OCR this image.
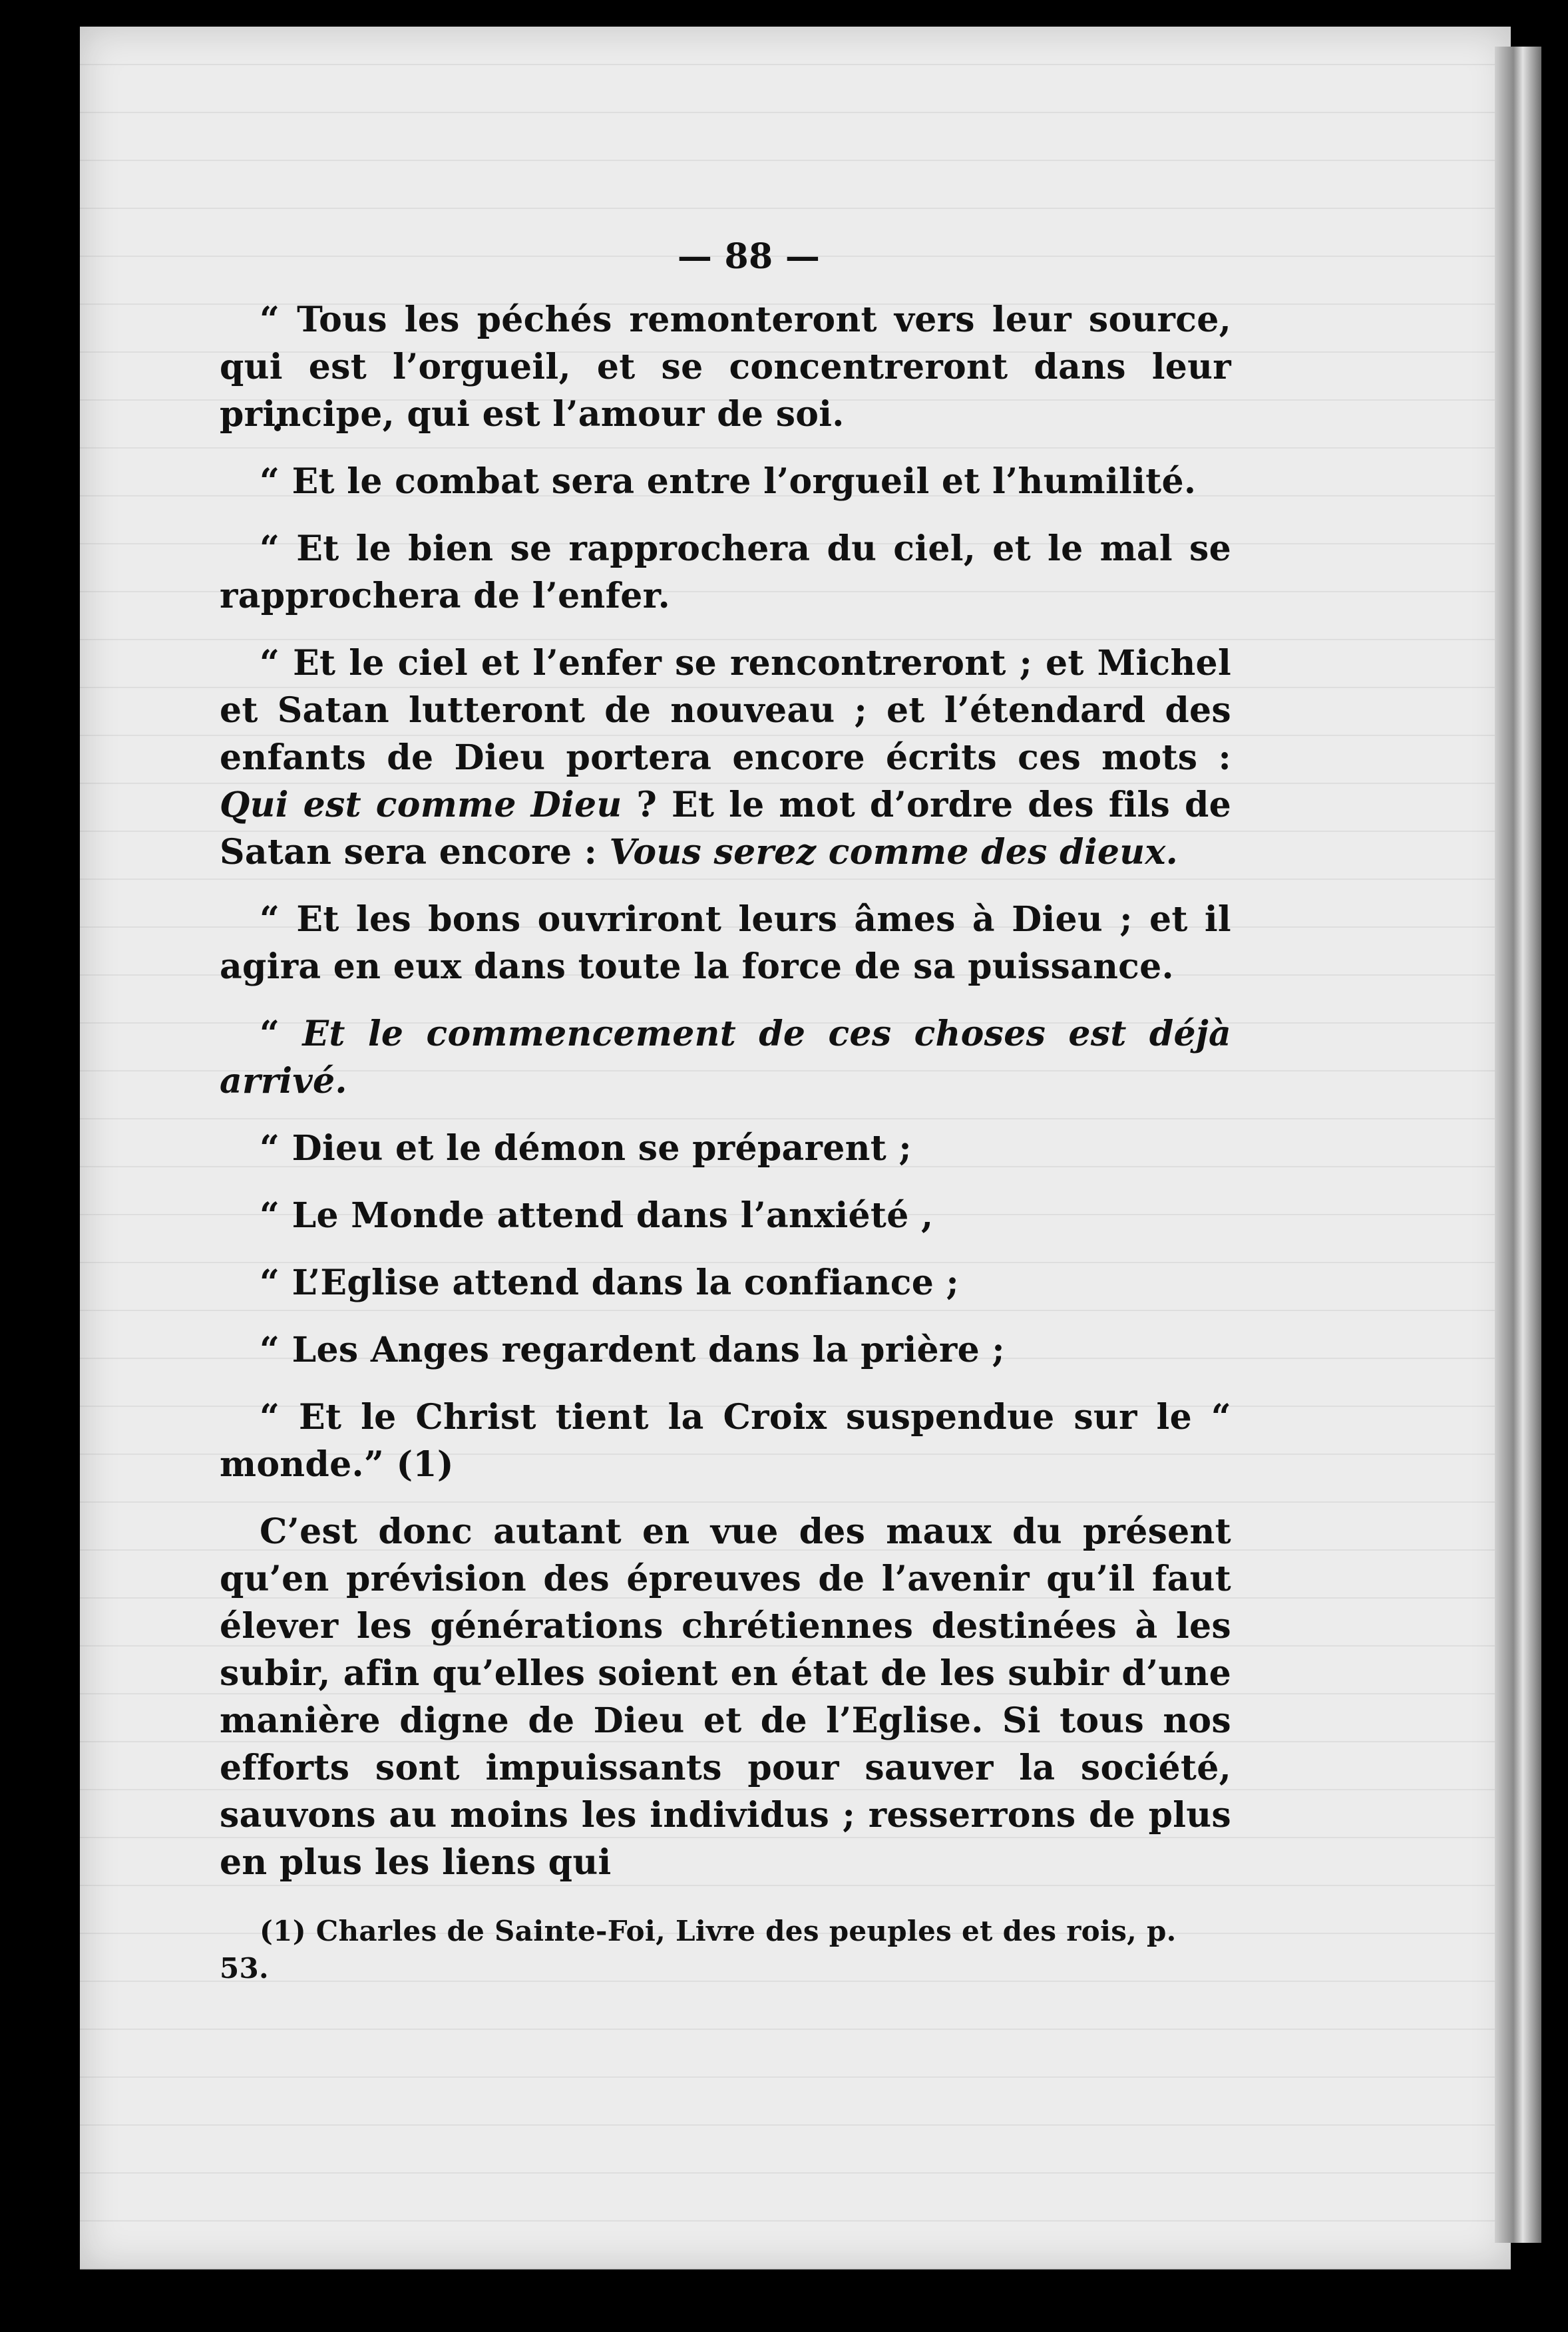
— 88 —

“ Tous les péchés remonteront vers leur source, qui est l’orgueil, et se concentreront dans leur principe, qui est l’amour de soi.

“ Et le combat sera entre l’orgueil et l’humilité.

“ Et le bien se rapprochera du ciel, et le mal se rapprochera de l’enfer.

“ Et le ciel et l’enfer se rencontreront ; et Michel et Satan lutteront de nouveau ; et l’étendard des enfants de Dieu portera encore écrits ces mots : Qui est comme Dieu ? Et le mot d’ordre des fils de Satan sera encore : Vous serez comme des dieux.

“ Et les bons ouvriront leurs âmes à Dieu ; et il agira en eux dans toute la force de sa puissance.

“ Et le commencement de ces choses est déjà arrivé.

“ Dieu et le démon se préparent ;

“ Le Monde attend dans l’anxiété ,

“ L’Eglise attend dans la confiance ;

“ Les Anges regardent dans la prière ;

“ Et le Christ tient la Croix suspendue sur le “ monde.” (1)

C’est donc autant en vue des maux du présent qu’en prévision des épreuves de l’avenir qu’il faut élever les générations chrétiennes destinées à les subir, afin qu’elles soient en état de les subir d’une manière digne de Dieu et de l’Eglise. Si tous nos efforts sont impuissants pour sauver la société, sauvons au moins les individus ; resserrons de plus en plus les liens qui

(1) Charles de Sainte-Foi, Livre des peuples et des rois, p. 53.
